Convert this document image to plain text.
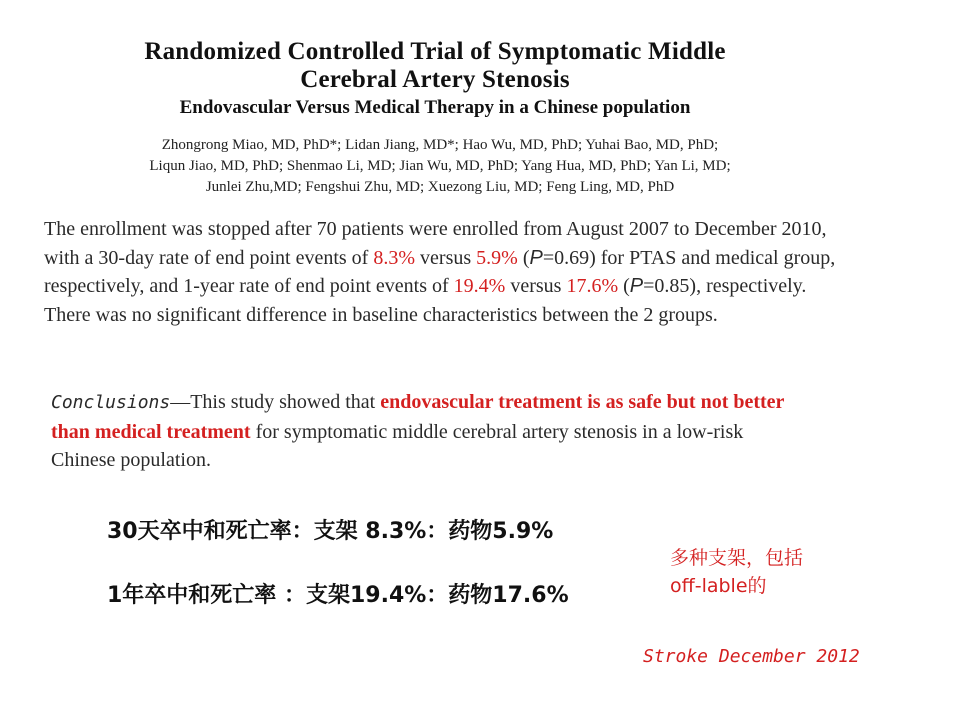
Randomized Controlled Trial of Symptomatic Middle
Cerebral Artery Stenosis
Endovascular Versus Medical Therapy in a Chinese population
Zhongrong Miao, MD, PhD*; Lidan Jiang, MD*; Hao Wu, MD, PhD; Yuhai Bao, MD, PhD;
Liqun Jiao, MD, PhD; Shenmao Li, MD; Jian Wu, MD, PhD; Yang Hua, MD, PhD; Yan Li, MD;
Junlei Zhu,MD; Fengshui Zhu, MD; Xuezong Liu, MD; Feng Ling, MD, PhD
The enrollment was stopped after 70 patients were enrolled from August 2007 to December 2010, with a 30-day rate of end point events of 8.3% versus 5.9% (P=0.69) for PTAS and medical group, respectively, and 1-year rate of end point events of 19.4% versus 17.6% (P=0.85), respectively. There was no significant difference in baseline characteristics between the 2 groups.
Conclusions—This study showed that endovascular treatment is as safe but not better than medical treatment for symptomatic middle cerebral artery stenosis in a low-risk Chinese population.
30天卒中和死亡率：支架 8.3%：药物5.9%
1年卒中和死亡率 ：支架19.4%：药物17.6%
多种支架，包括off-lable的
Stroke December 2012
